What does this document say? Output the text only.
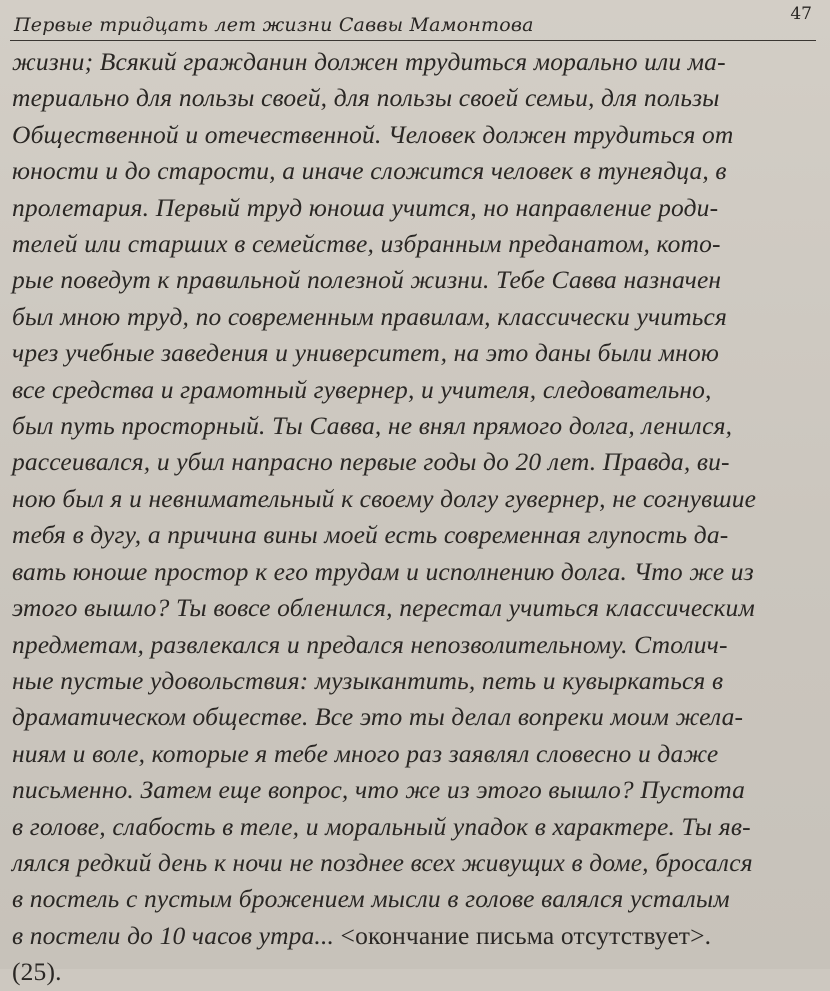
Первые тридцать лет жизни Саввы Мамонтова	47
жизни; Всякий гражданин должен трудиться морально или ма-
териально для пользы своей, для пользы своей семьи, для пользы
Общественной и отечественной. Человек должен трудиться от
юности и до старости, а иначе сложится человек в тунеядца, в
пролетария. Первый труд юноша учится, но направление роди-
телей или старших в семействе, избранным преданатом, кото-
рые поведут к правильной полезной жизни. Тебе Савва назначен
был мною труд, по современным правилам, классически учиться
чрез учебные заведения и университет, на это даны были мною
все средства и грамотный гувернер, и учителя, следовательно,
был путь просторный. Ты Савва, не внял прямого долга, ленился,
рассеивался, и убил напрасно первые годы до 20 лет. Правда, ви-
ною был я и невнимательный к своему долгу гувернер, не согнувшие
тебя в дугу, а причина вины моей есть современная глупость да-
вать юноше простор к его трудам и исполнению долга. Что же из
этого вышло? Ты вовсе обленился, перестал учиться классическим
предметам, развлекался и предался непозволительному. Столич-
ные пустые удовольствия: музыкантить, петь и кувыркаться в
драматическом обществе. Все это ты делал вопреки моим жела-
ниям и воле, которые я тебе много раз заявлял словесно и даже
письменно. Затем еще вопрос, что же из этого вышло? Пустота
в голове, слабость в теле, и моральный упадок в характере. Ты яв-
лялся редкий день к ночи не позднее всех живущих в доме, бросался
в постель с пустым брожением мысли в голове валялся усталым
в постели до 10 часов утра... <окончание письма отсутствует>.
(25).
